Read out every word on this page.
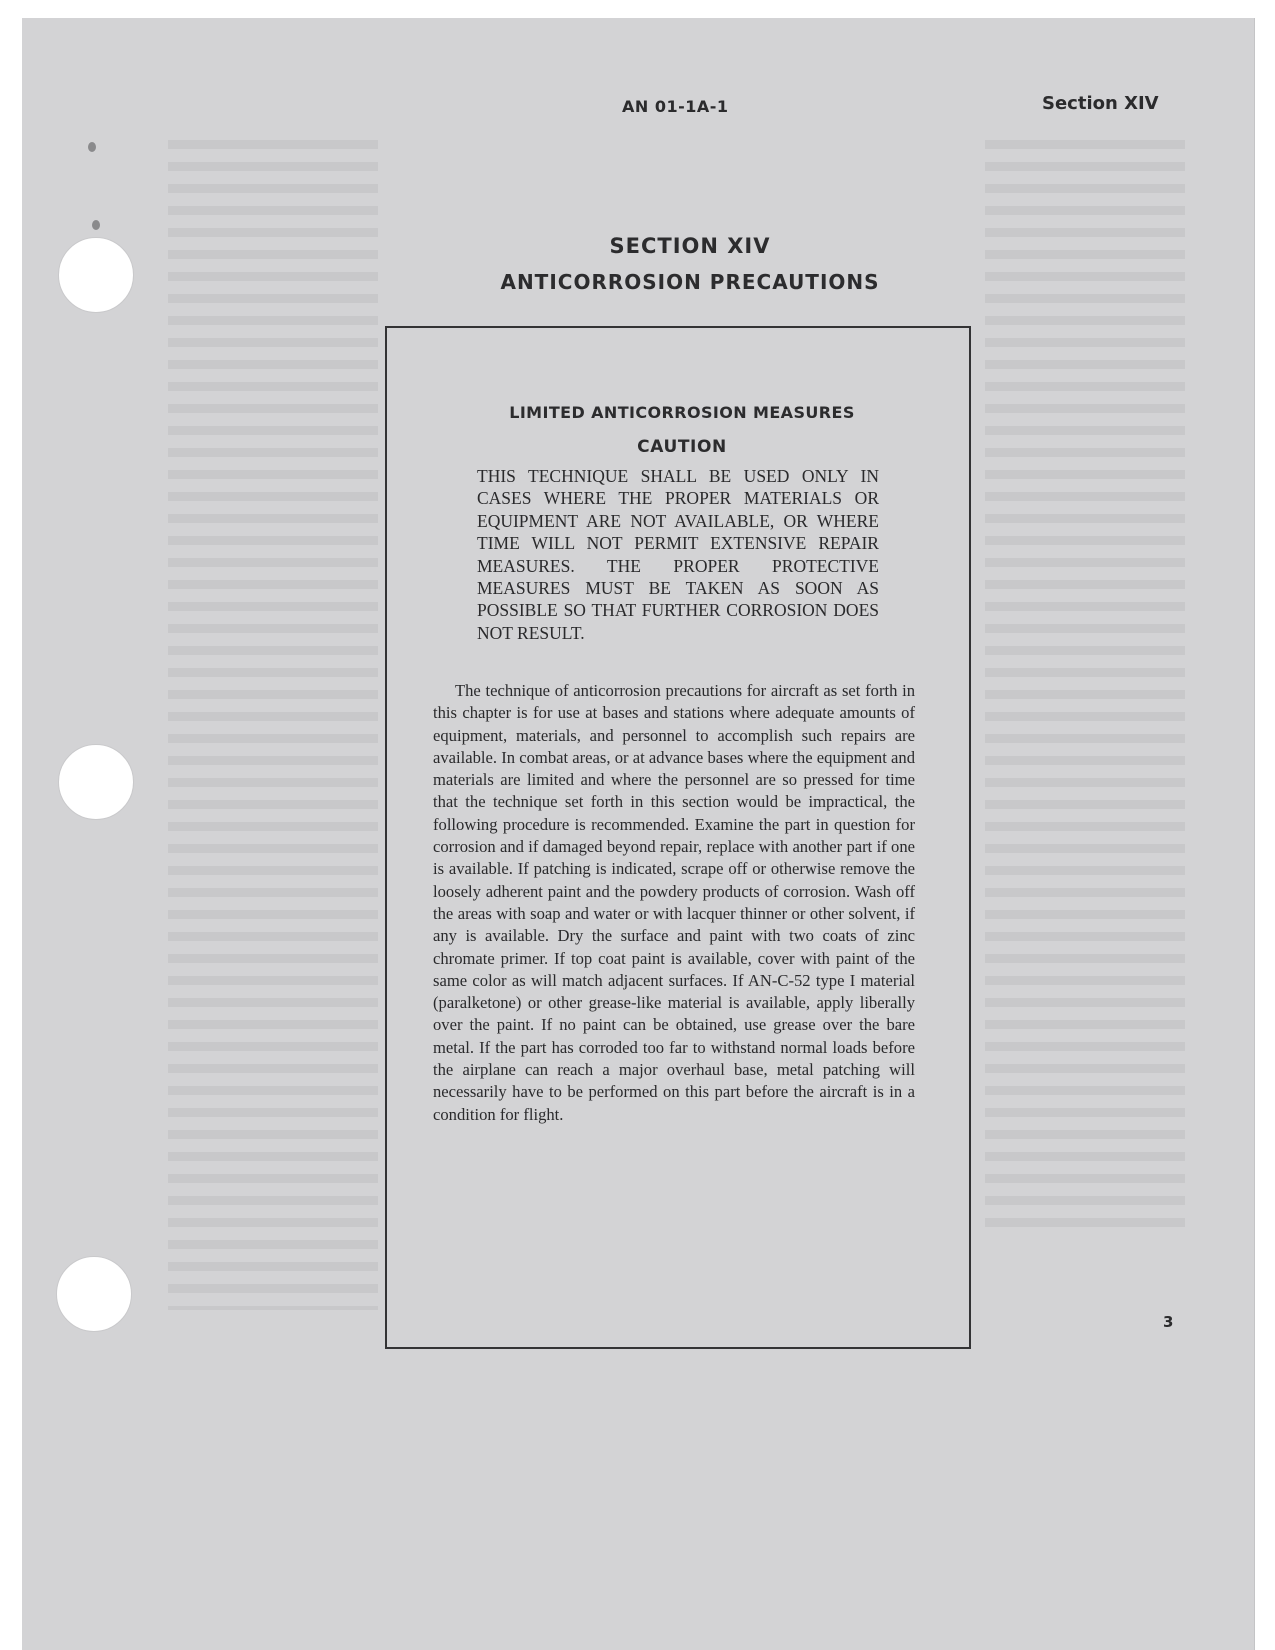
AN 01-1A-1	Section XIV
SECTION XIV
ANTICORROSION PRECAUTIONS
LIMITED ANTICORROSION MEASURES
CAUTION
THIS TECHNIQUE SHALL BE USED ONLY IN CASES WHERE THE PROPER MATERIALS OR EQUIPMENT ARE NOT AVAILABLE, OR WHERE TIME WILL NOT PERMIT EXTENSIVE REPAIR MEASURES. THE PROPER PROTECTIVE MEASURES MUST BE TAKEN AS SOON AS POSSIBLE SO THAT FURTHER CORROSION DOES NOT RESULT.
The technique of anticorrosion precautions for aircraft as set forth in this chapter is for use at bases and stations where adequate amounts of equipment, materials, and personnel to accomplish such repairs are available. In combat areas, or at advance bases where the equipment and materials are limited and where the personnel are so pressed for time that the technique set forth in this section would be impractical, the following procedure is recommended. Examine the part in question for corrosion and if damaged beyond repair, replace with another part if one is available. If patching is indicated, scrape off or otherwise remove the loosely adherent paint and the powdery products of corrosion. Wash off the areas with soap and water or with lacquer thinner or other solvent, if any is available. Dry the surface and paint with two coats of zinc chromate primer. If top coat paint is available, cover with paint of the same color as will match adjacent surfaces. If AN-C-52 type I material (paralketone) or other grease-like material is available, apply liberally over the paint. If no paint can be obtained, use grease over the bare metal. If the part has corroded too far to withstand normal loads before the airplane can reach a major overhaul base, metal patching will necessarily have to be performed on this part before the aircraft is in a condition for flight.
3
